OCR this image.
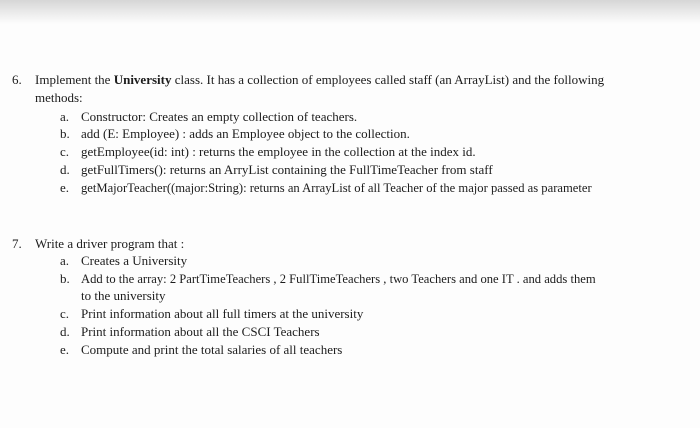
6. Implement the University class. It has a collection of employees called staff (an ArrayList) and the following
methods:
a. Constructor: Creates an empty collection of teachers.
b. add (E: Employee) : adds an Employee object to the collection.
c. getEmployee(id: int) : returns the employee in the collection at the index id.
d. getFullTimers(): returns an ArryList containing the FullTimeTeacher from staff
e. getMajorTeacher((major:String): returns an ArrayList of all Teacher of the major passed as parameter
7. Write a driver program that :
a. Creates a University
b. Add to the array: 2 PartTimeTeachers , 2 FullTimeTeachers , two Teachers and one IT . and adds them
to the university
c. Print information about all full timers at the university
d. Print information about all the CSCI Teachers
e. Compute and print the total salaries of all teachers
